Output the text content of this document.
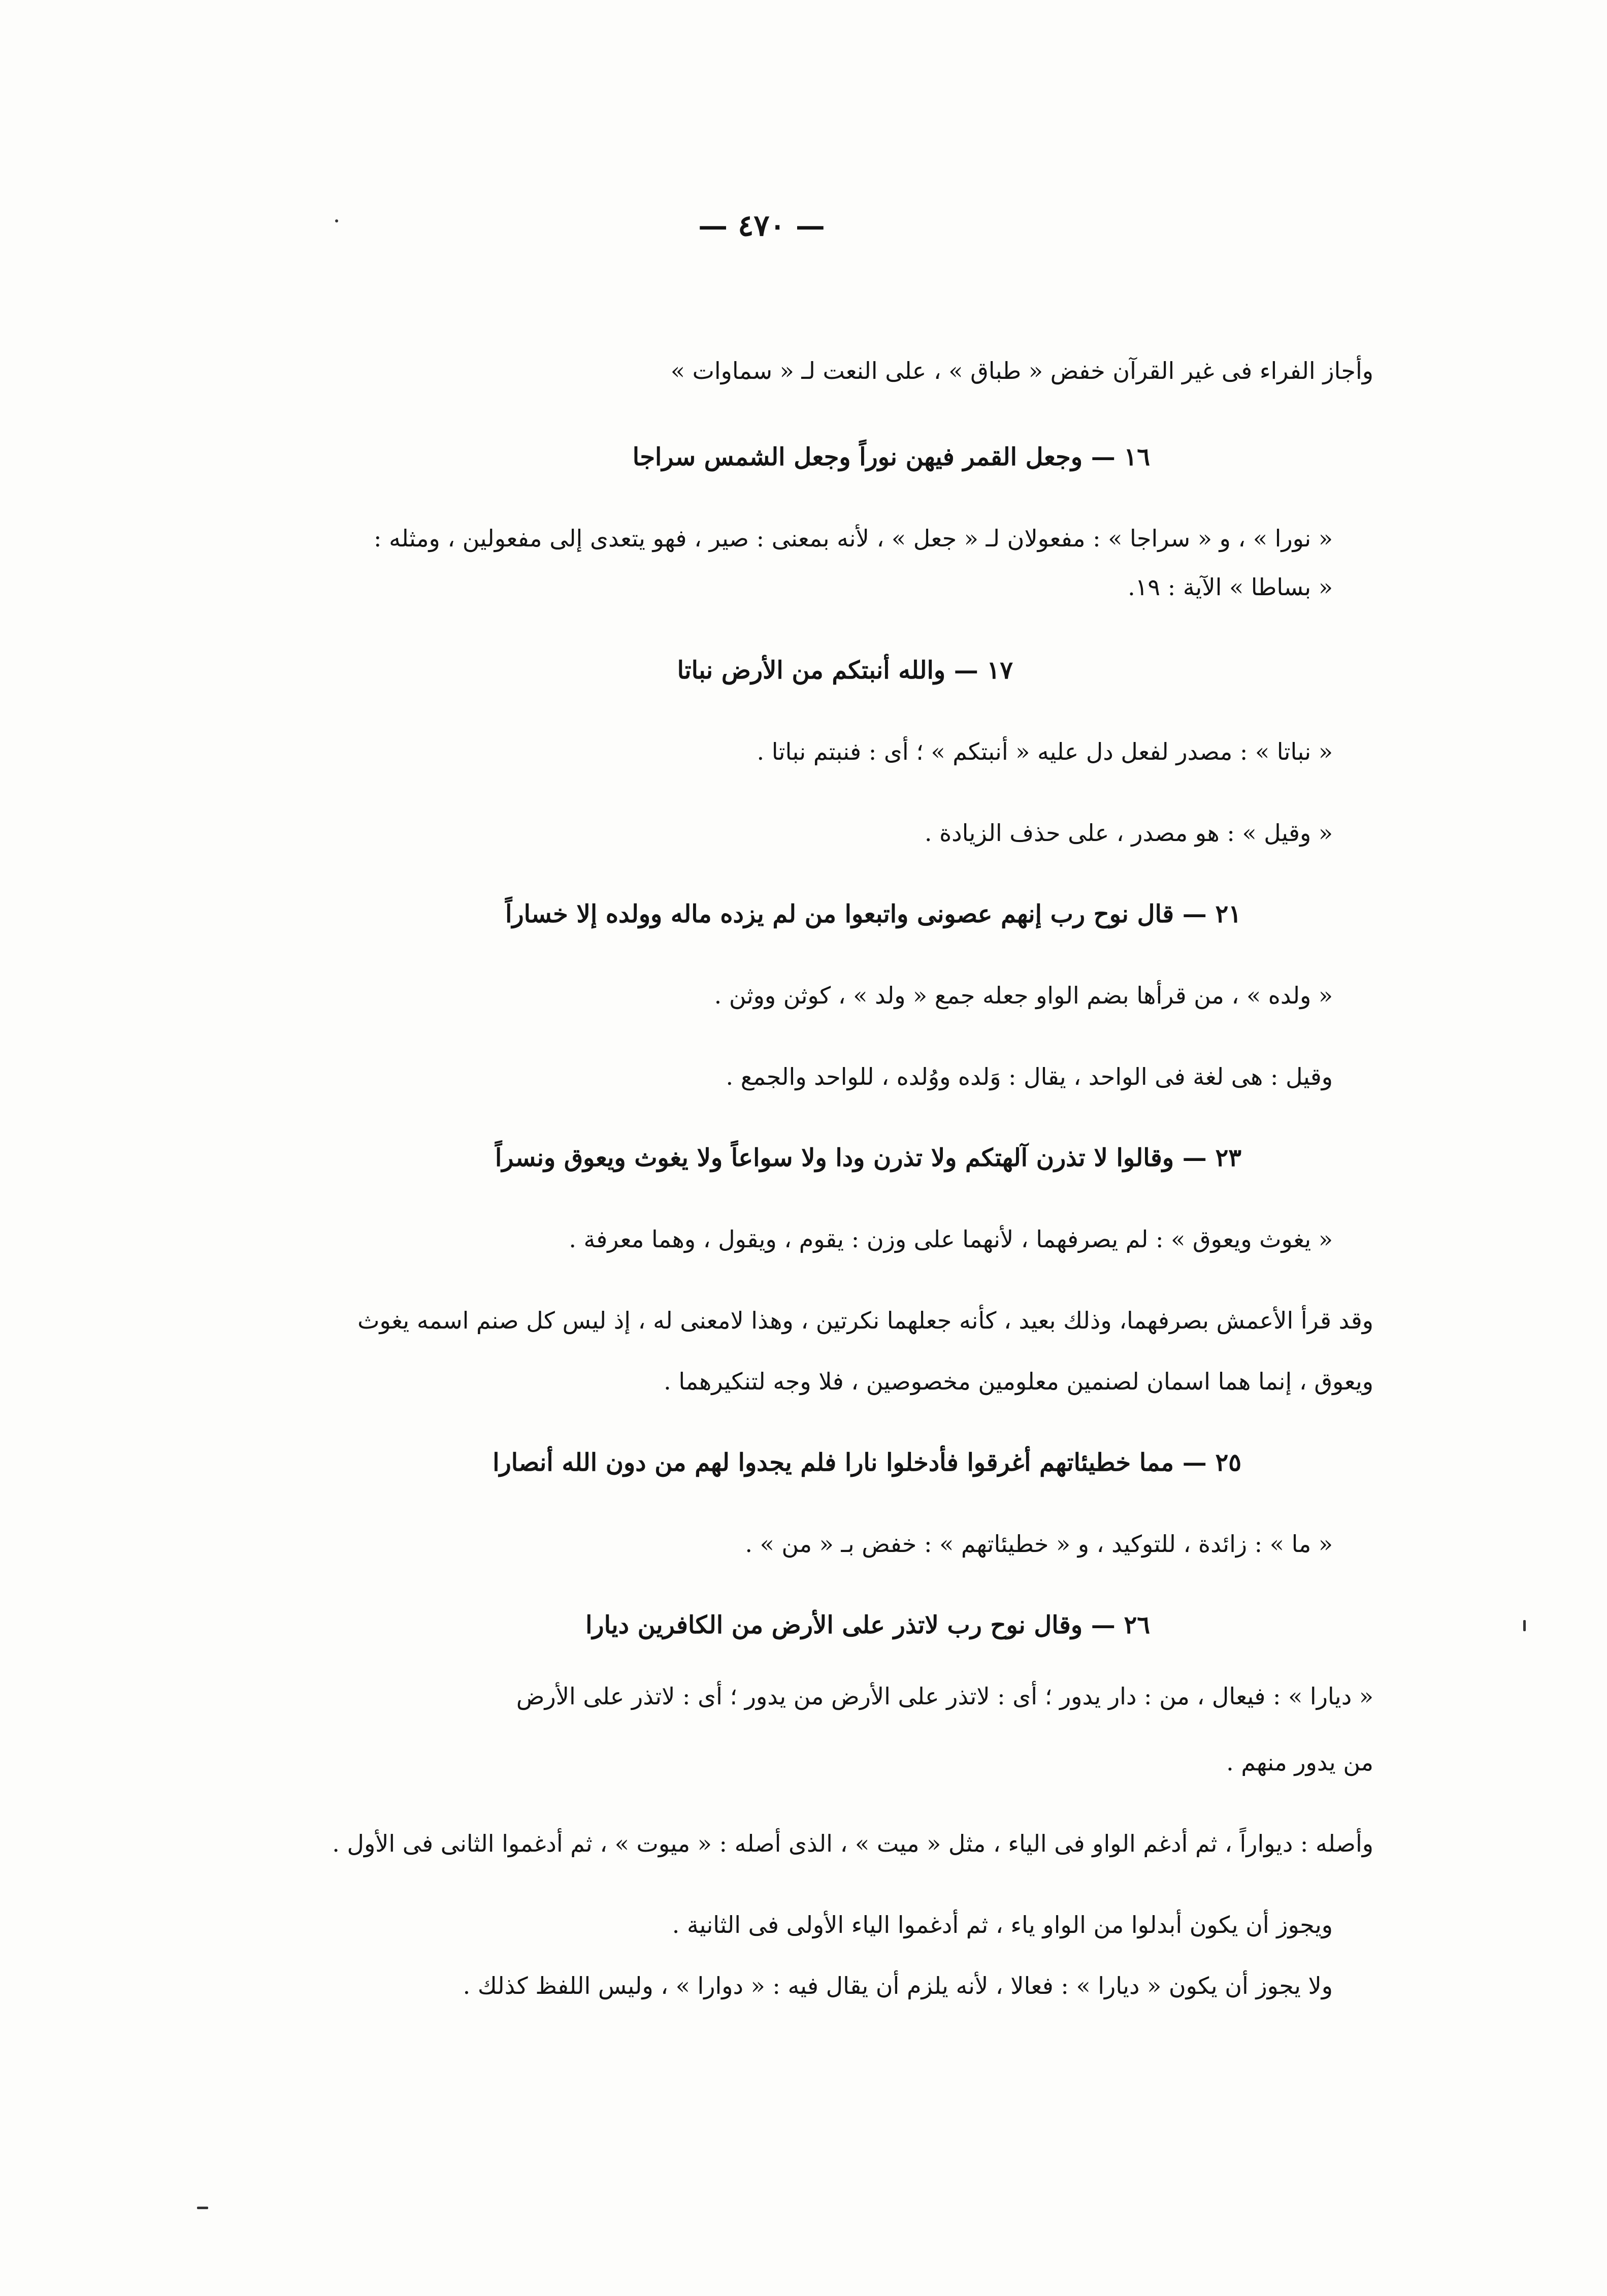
— ٤٧٠ —
وأجاز الفراء فى غير القرآن خفض « طباق » ، على النعت لـ « سماوات »
١٦ — وجعل القمر فيهن نوراً وجعل الشمس سراجا
« نورا » ، و « سراجا » : مفعولان لـ « جعل » ، لأنه بمعنى : صير ، فهو يتعدى إلى مفعولين ، ومثله :
« بساطا » الآية : ١٩.
١٧ — والله أنبتكم من الأرض نباتا
« نباتا » : مصدر لفعل دل عليه « أنبتكم » ؛ أى : فنبتم نباتا .
« وقيل » : هو مصدر ، على حذف الزيادة .
٢١ — قال نوح رب إنهم عصونى واتبعوا من لم يزده ماله وولده إلا خساراً
« ولده » ، من قرأها بضم الواو جعله جمع « ولد » ، كوثن ووثن .
وقيل : هى لغة فى الواحد ، يقال : وَلده ووُلده ، للواحد والجمع .
٢٣ — وقالوا لا تذرن آلهتكم ولا تذرن ودا ولا سواعاً ولا يغوث ويعوق ونسراً
« يغوث ويعوق » : لم يصرفهما ، لأنهما على وزن : يقوم ، ويقول ، وهما معرفة .
وقد قرأ الأعمش بصرفهما، وذلك بعيد ، كأنه جعلهما نكرتين ، وهذا لامعنى له ، إذ ليس كل صنم اسمه يغوث
ويعوق ، إنما هما اسمان لصنمين معلومين مخصوصين ، فلا وجه لتنكيرهما .
٢٥ — مما خطيئاتهم أغرقوا فأدخلوا نارا فلم يجدوا لهم من دون الله أنصارا
« ما » : زائدة ، للتوكيد ، و « خطيئاتهم » : خفض بـ « من » .
٢٦ — وقال نوح رب لاتذر على الأرض من الكافرين ديارا
« ديارا » : فيعال ، من : دار يدور ؛ أى : لاتذر على الأرض من يدور ؛ أى : لاتذر على الأرض
من يدور منهم .
وأصله : ديواراً ، ثم أدغم الواو فى الياء ، مثل « ميت » ، الذى أصله : « ميوت » ، ثم أدغموا الثانى فى الأول .
ويجوز أن يكون أبدلوا من الواو ياء ، ثم أدغموا الياء الأولى فى الثانية .
ولا يجوز أن يكون « ديارا » : فعالا ، لأنه يلزم أن يقال فيه : « دوارا » ، وليس اللفظ كذلك .
